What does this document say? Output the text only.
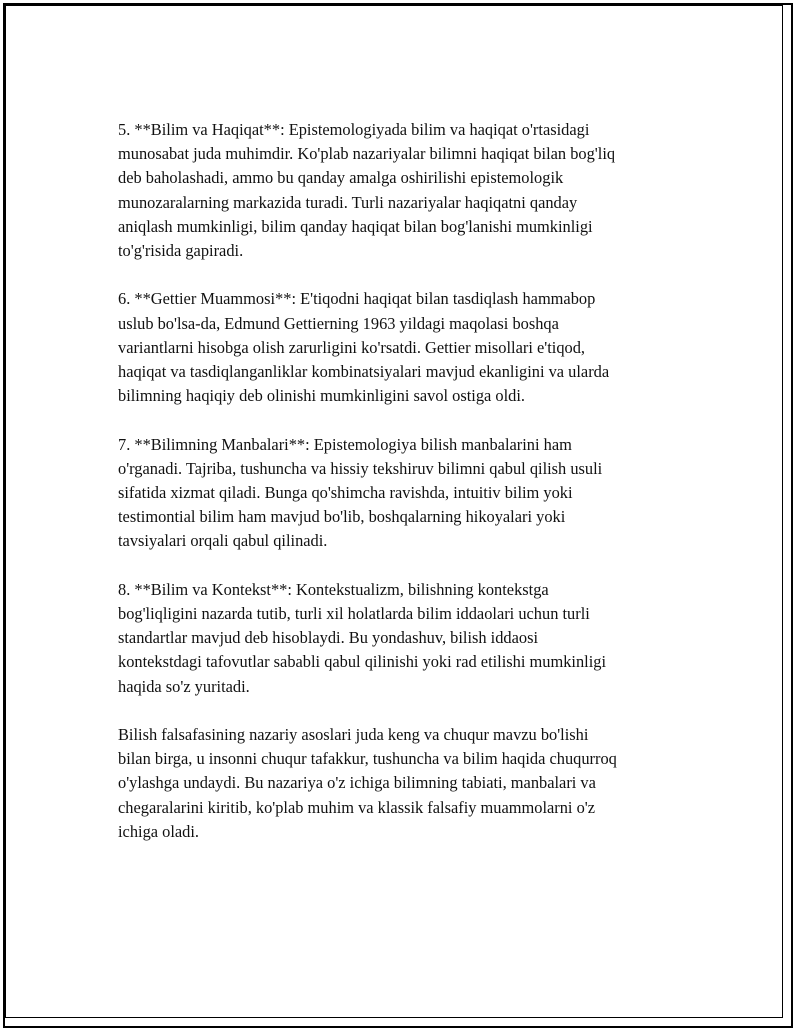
5. **Bilim va Haqiqat**: Epistemologiyada bilim va haqiqat o'rtasidagi
munosabat juda muhimdir. Ko'plab nazariyalar bilimni haqiqat bilan bog'liq
deb baholashadi, ammo bu qanday amalga oshirilishi epistemologik
munozaralarning markazida turadi. Turli nazariyalar haqiqatni qanday
aniqlash mumkinligi, bilim qanday haqiqat bilan bog'lanishi mumkinligi
to'g'risida gapiradi.

6. **Gettier Muammosi**: E'tiqodni haqiqat bilan tasdiqlash hammabop
uslub bo'lsa-da, Edmund Gettierning 1963 yildagi maqolasi boshqa
variantlarni hisobga olish zarurligini ko'rsatdi. Gettier misollari e'tiqod,
haqiqat va tasdiqlanganliklar kombinatsiyalari mavjud ekanligini va ularda
bilimning haqiqiy deb olinishi mumkinligini savol ostiga oldi.

7. **Bilimning Manbalari**: Epistemologiya bilish manbalarini ham
o'rganadi. Tajriba, tushuncha va hissiy tekshiruv bilimni qabul qilish usuli
sifatida xizmat qiladi. Bunga qo'shimcha ravishda, intuitiv bilim yoki
testimontial bilim ham mavjud bo'lib, boshqalarning hikoyalari yoki
tavsiyalari orqali qabul qilinadi.

8. **Bilim va Kontekst**: Kontekstualizm, bilishning kontekstga
bog'liqligini nazarda tutib, turli xil holatlarda bilim iddaolari uchun turli
standartlar mavjud deb hisoblaydi. Bu yondashuv, bilish iddaosi
kontekstdagi tafovutlar sababli qabul qilinishi yoki rad etilishi mumkinligi
haqida so'z yuritadi.

Bilish falsafasining nazariy asoslari juda keng va chuqur mavzu bo'lishi
bilan birga, u insonni chuqur tafakkur, tushuncha va bilim haqida chuqurroq
o'ylashga undaydi. Bu nazariya o'z ichiga bilimning tabiati, manbalari va
chegaralarini kiritib, ko'plab muhim va klassik falsafiy muammolarni o'z
ichiga oladi.
